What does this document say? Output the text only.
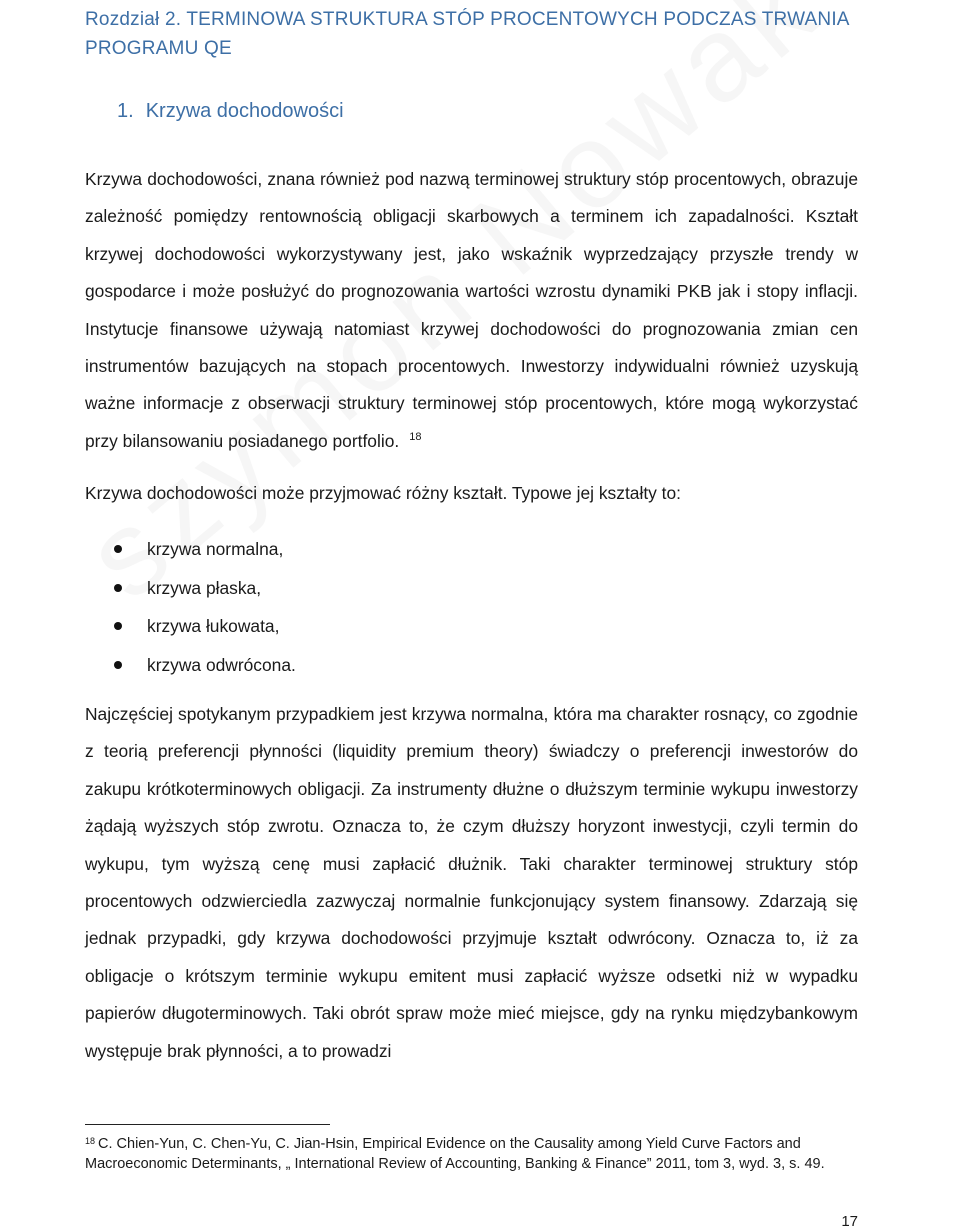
Rozdział 2. TERMINOWA STRUKTURA STÓP PROCENTOWYCH PODCZAS TRWANIA PROGRAMU QE
1. Krzywa dochodowości

Krzywa dochodowości, znana również pod nazwą terminowej struktury stóp procentowych, obrazuje zależność pomiędzy rentownością obligacji skarbowych a terminem ich zapadalności. Kształt krzywej dochodowości wykorzystywany jest, jako wskaźnik wyprzedzający przyszłe trendy w gospodarce i może posłużyć do prognozowania wartości wzrostu dynamiki PKB jak i stopy inflacji. Instytucje finansowe używają natomiast krzywej dochodowości do prognozowania zmian cen instrumentów bazujących na stopach procentowych. Inwestorzy indywidualni również uzyskują ważne informacje z obserwacji struktury terminowej stóp procentowych, które mogą wykorzystać przy bilansowaniu posiadanego portfolio. $^{18}$

Krzywa dochodowości może przyjmować różny kształt. Typowe jej kształty to:

krzywa normalna,
krzywa płaska,
krzywa łukowata,
krzywa odwrócona.

Najczęściej spotykanym przypadkiem jest krzywa normalna, która ma charakter rosnący, co zgodnie z teorią preferencji płynności (liquidity premium theory) świadczy o preferencji inwestorów do zakupu krótkoterminowych obligacji. Za instrumenty dłużne o dłuższym terminie wykupu inwestorzy żądają wyższych stóp zwrotu. Oznacza to, że czym dłuższy horyzont inwestycji, czyli termin do wykupu, tym wyższą cenę musi zapłacić dłużnik. Taki charakter terminowej struktury stóp procentowych odzwierciedla zazwyczaj normalnie funkcjonujący system finansowy. Zdarzają się jednak przypadki, gdy krzywa dochodowości przyjmuje kształt odwrócony. Oznacza to, iż za obligacje o krótszym terminie wykupu emitent musi zapłacić wyższe odsetki niż w wypadku papierów długoterminowych. Taki obrót spraw może mieć miejsce, gdy na rynku międzybankowym występuje brak płynności, a to prowadzi

$^{18}$ C. Chien-Yun, C. Chen-Yu, C. Jian-Hsin, Empirical Evidence on the Causality among Yield Curve Factors and Macroeconomic Determinants, „ International Review of Accounting, Banking & Finance” 2011, tom 3, wyd. 3, s. 49.

17
